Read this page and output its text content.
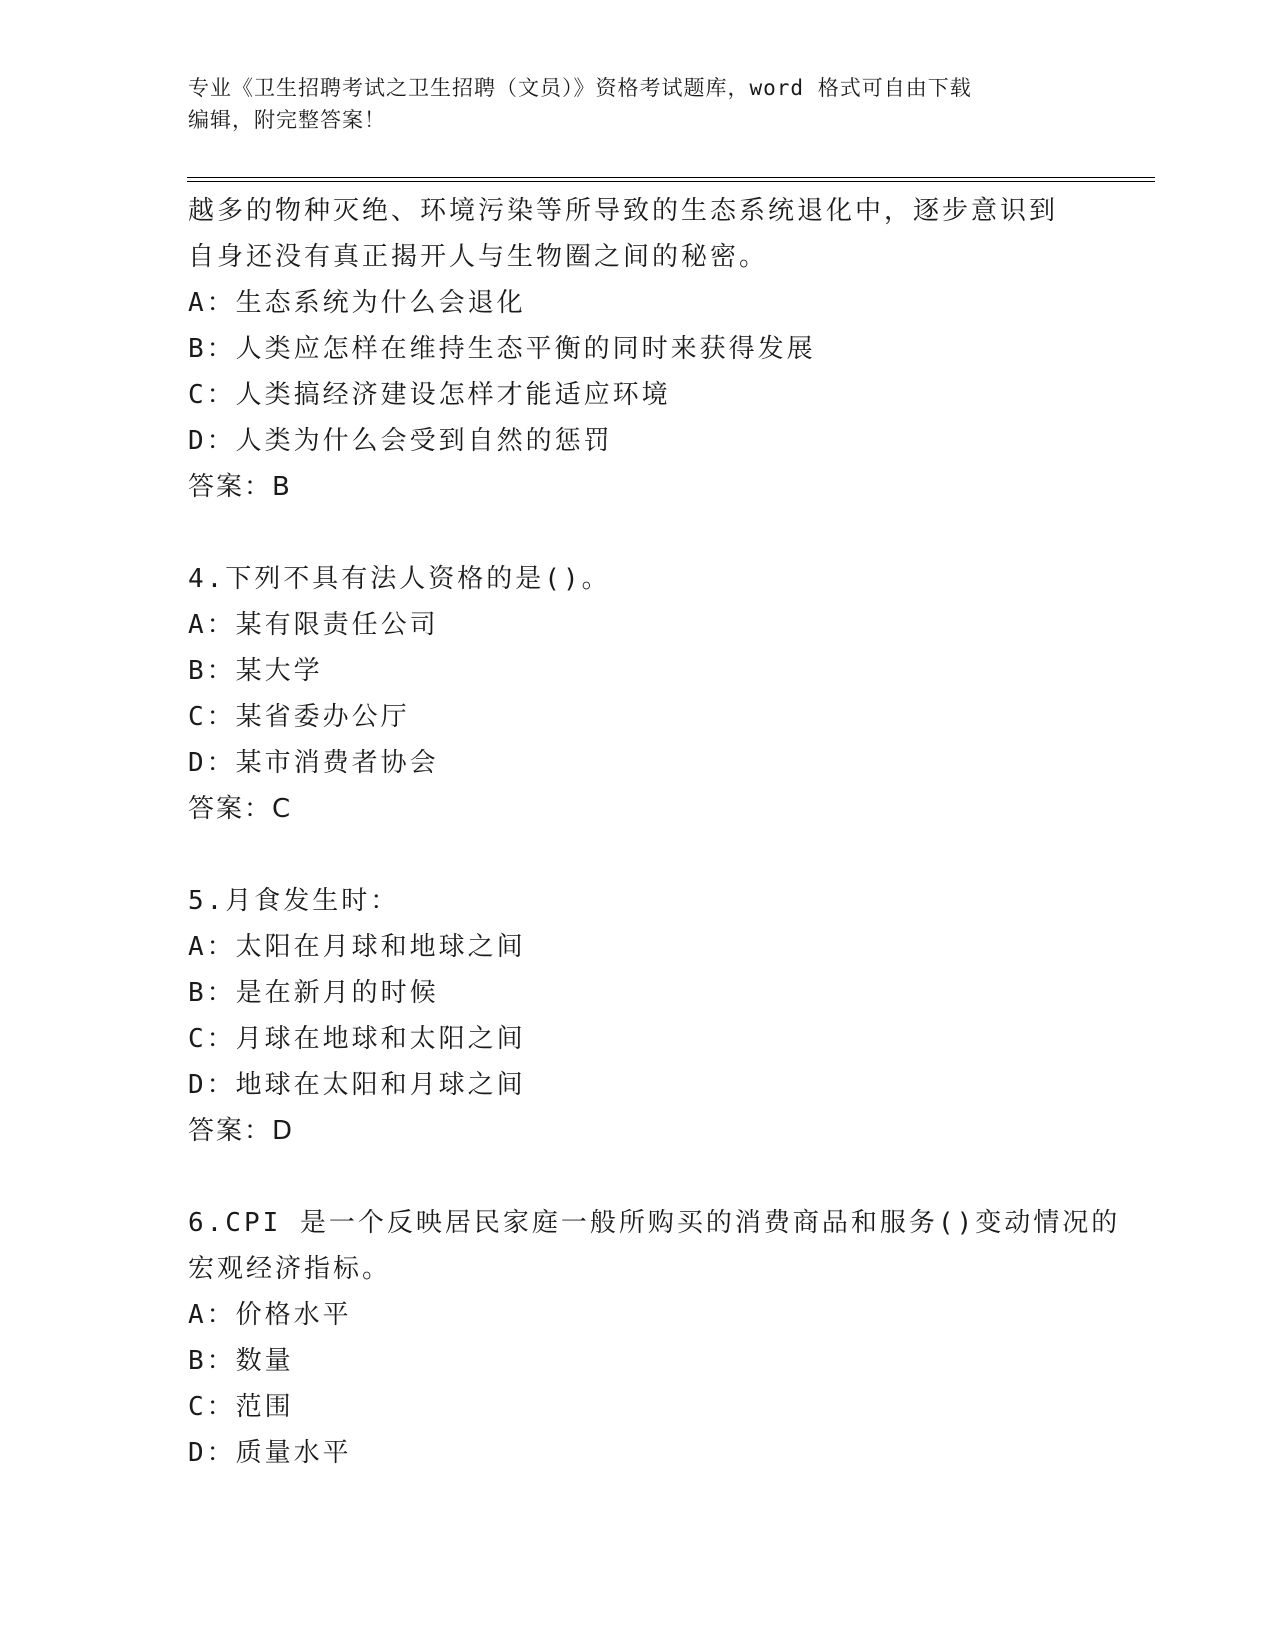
专业《卫生招聘考试之卫生招聘（文员）》资格考试题库，word 格式可自由下载
编辑，附完整答案！
越多的物种灭绝、环境污染等所导致的生态系统退化中，逐步意识到
自身还没有真正揭开人与生物圈之间的秘密。
A：生态系统为什么会退化
B：人类应怎样在维持生态平衡的同时来获得发展
C：人类搞经济建设怎样才能适应环境
D：人类为什么会受到自然的惩罚
答案：B
4.下列不具有法人资格的是()。
A：某有限责任公司
B：某大学
C：某省委办公厅
D：某市消费者协会
答案：C
5.月食发生时：
A：太阳在月球和地球之间
B：是在新月的时候
C：月球在地球和太阳之间
D：地球在太阳和月球之间
答案：D
6.CPI 是一个反映居民家庭一般所购买的消费商品和服务()变动情况的
宏观经济指标。
A：价格水平
B：数量
C：范围
D：质量水平
